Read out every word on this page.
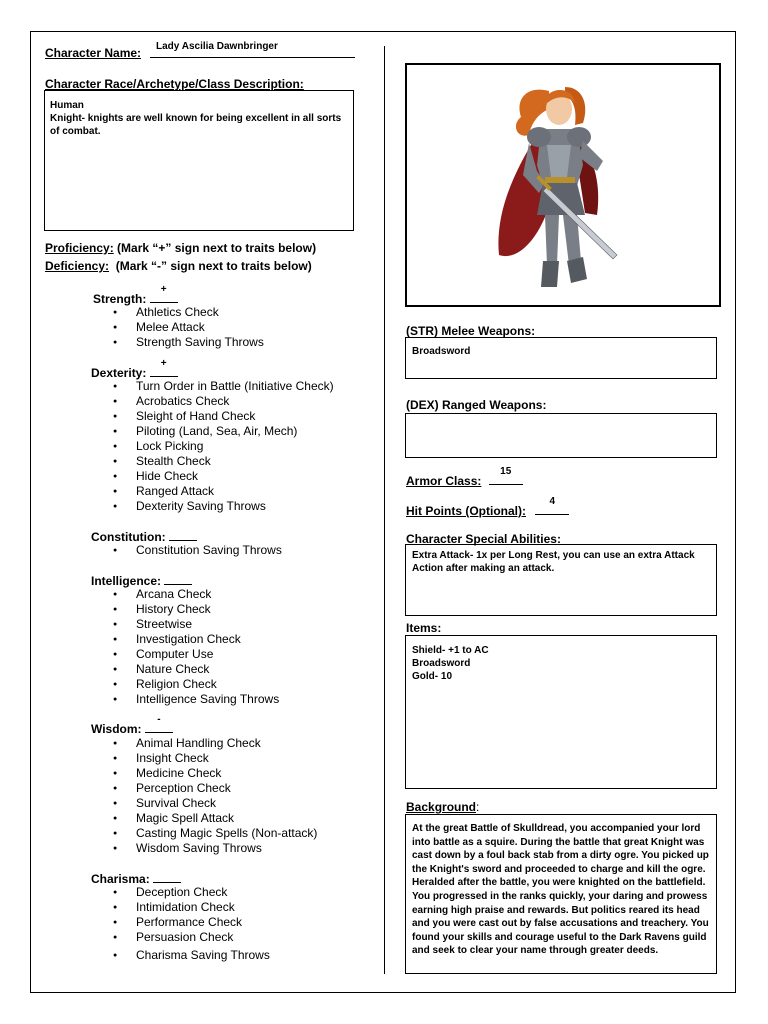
Character Name: Lady Ascilia Dawnbringer
Character Race/Archetype/Class Description:
Human
Knight- knights are well known for being excellent in all sorts of combat.
Proficiency: (Mark “+” sign next to traits below)
Deficiency: (Mark “-” sign next to traits below)
Strength:
+
● Athletics Check
● Melee Attack
● Strength Saving Throws
Dexterity:
+
● Turn Order in Battle (Initiative Check)
● Acrobatics Check
● Sleight of Hand Check
● Piloting (Land, Sea, Air, Mech)
● Lock Picking
● Stealth Check
● Hide Check
● Ranged Attack
● Dexterity Saving Throws
Constitution:
● Constitution Saving Throws
Intelligence:
● Arcana Check
● History Check
● Streetwise
● Investigation Check
● Computer Use
● Nature Check
● Religion Check
● Intelligence Saving Throws
Wisdom:
-
● Animal Handling Check
● Insight Check
● Medicine Check
● Perception Check
● Survival Check
● Magic Spell Attack
● Casting Magic Spells (Non-attack)
● Wisdom Saving Throws
Charisma:
● Deception Check
● Intimidation Check
● Performance Check
● Persuasion Check
● Charisma Saving Throws
(STR) Melee Weapons:
Broadsword
(DEX) Ranged Weapons:
Armor Class:
15
Hit Points (Optional):
4
Character Special Abilities:
Extra Attack- 1x per Long Rest, you can use an extra Attack Action after making an attack.
Items:
Shield- +1 to AC
Broadsword
Gold- 10
Background:
At the great Battle of Skulldread, you accompanied your lord into battle as a squire. During the battle that great Knight was cast down by a foul back stab from a dirty ogre. You picked up the Knight's sword and proceeded to charge and kill the ogre. Heralded after the battle, you were knighted on the battlefield. You progressed in the ranks quickly, your daring and prowess earning high praise and rewards. But politics reared its head and you were cast out by false accusations and treachery. You found your skills and courage useful to the Dark Ravens guild and seek to clear your name through greater deeds.
